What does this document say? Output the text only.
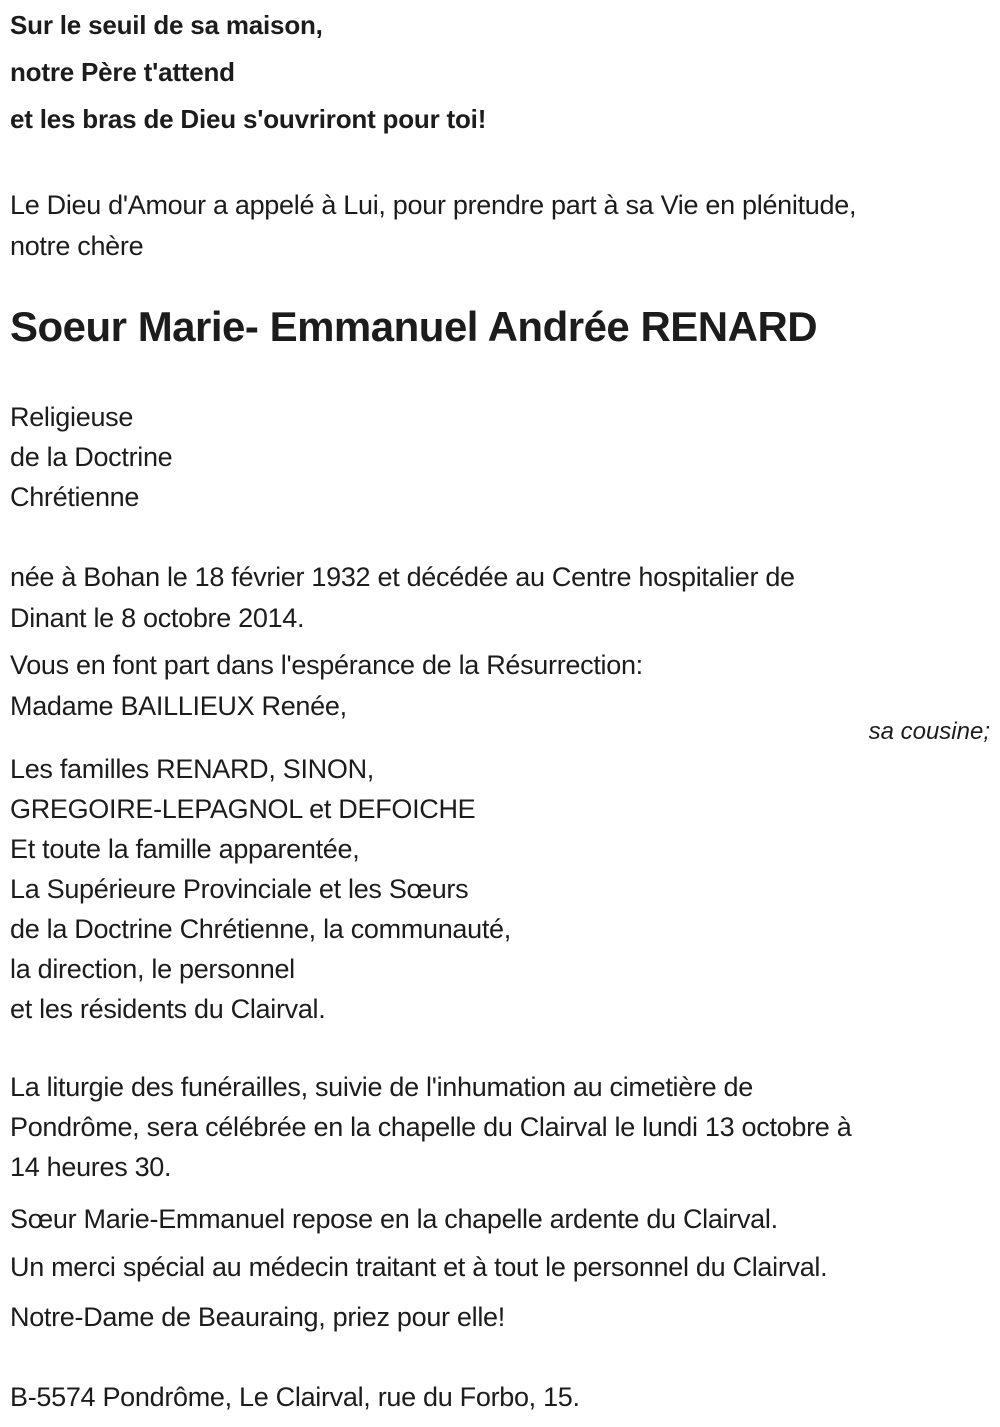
Sur le seuil de sa maison,
notre Père t'attend
et les bras de Dieu s'ouvriront pour toi!
Le Dieu d'Amour a appelé à Lui, pour prendre part à sa Vie en plénitude,
notre chère
Soeur Marie- Emmanuel Andrée RENARD
Religieuse
de la Doctrine
Chrétienne
née à Bohan le 18 février 1932 et décédée au Centre hospitalier de
Dinant le 8 octobre 2014.
Vous en font part dans l'espérance de la Résurrection:
Madame BAILLIEUX Renée,
sa cousine;
Les familles RENARD, SINON,
GREGOIRE-LEPAGNOL et DEFOICHE
Et toute la famille apparentée,
La Supérieure Provinciale et les Sœurs
de la Doctrine Chrétienne, la communauté,
la direction, le personnel
et les résidents du Clairval.
La liturgie des funérailles, suivie de l'inhumation au cimetière de
Pondrôme, sera célébrée en la chapelle du Clairval le lundi 13 octobre à
14 heures 30.
Sœur Marie-Emmanuel repose en la chapelle ardente du Clairval.
Un merci spécial au médecin traitant et à tout le personnel du Clairval.
Notre-Dame de Beauraing, priez pour elle!
B-5574 Pondrôme, Le Clairval, rue du Forbo, 15.
